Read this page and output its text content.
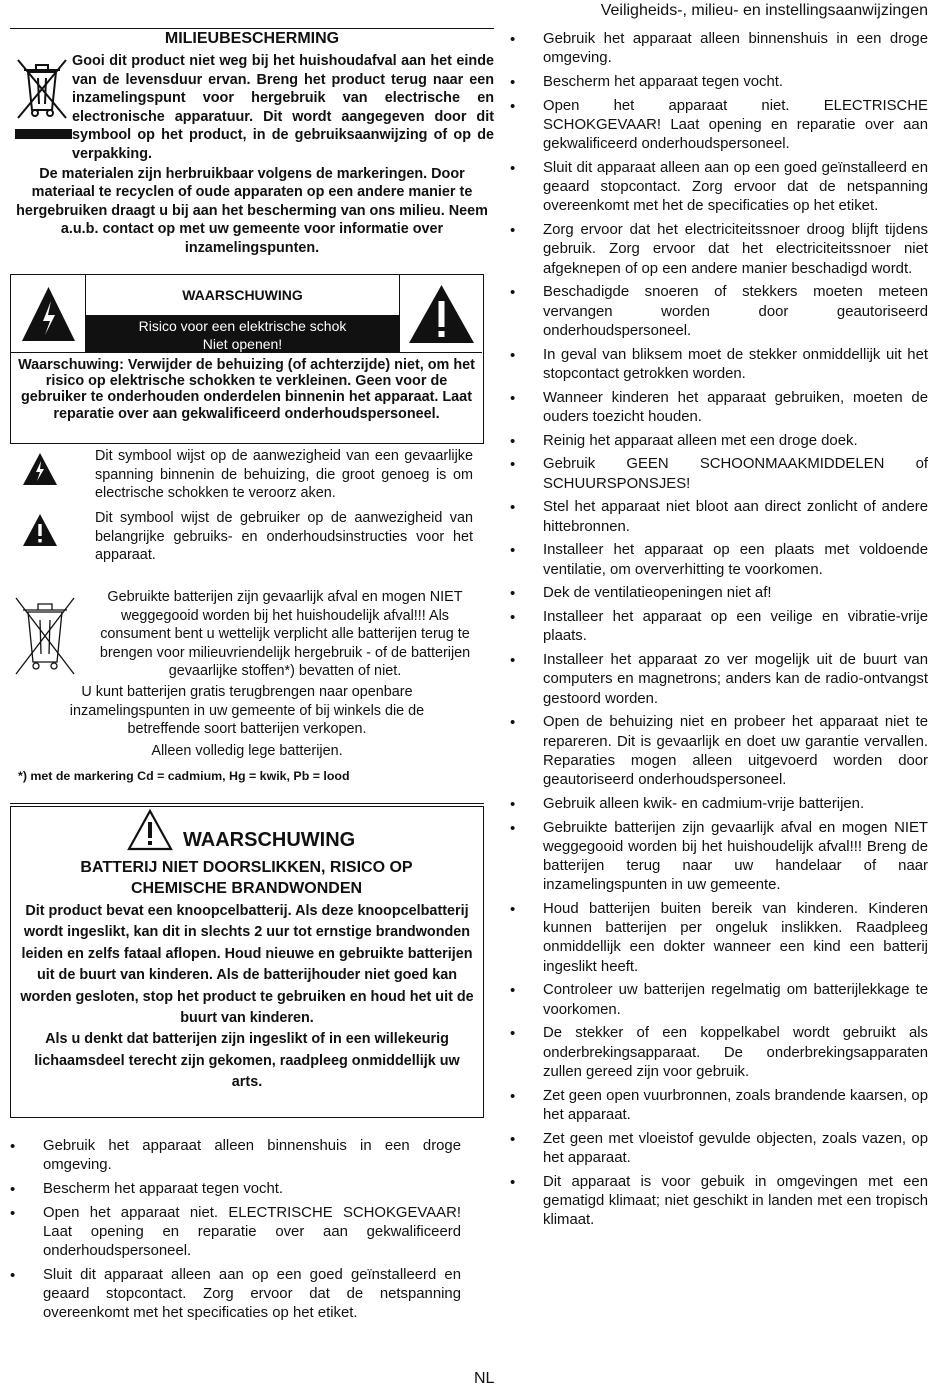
MILIEUBESCHERMING
Gooi dit product niet weg bij het huishoudafval aan het einde van de levensduur ervan. Breng het product terug naar een inzamelingspunt voor hergebruik van electrische en electronische apparatuur. Dit wordt aangegeven door dit symbool op het product, in de gebruiksaanwijzing of op de verpakking.
De materialen zijn herbruikbaar volgens de markeringen. Door materiaal te recyclen of oude apparaten op een andere manier te hergebruiken draagt u bij aan het bescherming van ons milieu. Neem a.u.b. contact op met uw gemeente voor informatie over inzamelingspunten.
WAARSCHUWING
Risico voor een elektrische schok
Niet openen!
Waarschuwing: Verwijder de behuizing (of achterzijde) niet, om het risico op elektrische schokken te verkleinen. Geen voor de gebruiker te onderhouden onderdelen binnenin het apparaat. Laat reparatie over aan gekwalificeerd onderhoudspersoneel.
Dit symbool wijst op de aanwezigheid van een gevaarlijke spanning binnenin de behuizing, die groot genoeg is om electrische schokken te veroorz aken.
Dit symbool wijst de gebruiker op de aanwezigheid van belangrijke gebruiks- en onderhoudsinstructies voor het apparaat.
Gebruikte batterijen zijn gevaarlijk afval en mogen NIET weggegooid worden bij het huishoudelijk afval!!! Als consument bent u wettelijk verplicht alle batterijen terug te brengen voor milieuvriendelijk hergebruik - of de batterijen gevaarlijke stoffen*) bevatten of niet.
U kunt batterijen gratis terugbrengen naar openbare inzamelingspunten in uw gemeente of bij winkels die de betreffende soort batterijen verkopen.
Alleen volledig lege batterijen.
*) met de markering Cd = cadmium, Hg = kwik, Pb = lood
WAARSCHUWING
BATTERIJ NIET DOORSLIKKEN, RISICO OP CHEMISCHE BRANDWONDEN
Dit product bevat een knoopcelbatterij. Als deze knoopcelbatterij wordt ingeslikt, kan dit in slechts 2 uur tot ernstige brandwonden leiden en zelfs fataal aflopen. Houd nieuwe en gebruikte batterijen uit de buurt van kinderen. Als de batterijhouder niet goed kan worden gesloten, stop het product te gebruiken en houd het uit de buurt van kinderen.
Als u denkt dat batterijen zijn ingeslikt of in een willekeurig lichaamsdeel terecht zijn gekomen, raadpleeg onmiddellijk uw arts.
• Gebruik het apparaat alleen binnenshuis in een droge omgeving.
• Bescherm het apparaat tegen vocht.
• Open het apparaat niet. ELECTRISCHE SCHOKGEVAAR! Laat opening en reparatie over aan gekwalificeerd onderhoudspersoneel.
• Sluit dit apparaat alleen aan op een goed geïnstalleerd en geaard stopcontact. Zorg ervoor dat de netspanning overeenkomt met het specificaties op het etiket.
Veiligheids-, milieu- en instellingsaanwijzingen
• Gebruik het apparaat alleen binnenshuis in een droge omgeving.
• Bescherm het apparaat tegen vocht.
• Open het apparaat niet. ELECTRISCHE SCHOKGEVAAR! Laat opening en reparatie over aan gekwalificeerd onderhoudspersoneel.
• Sluit dit apparaat alleen aan op een goed geïnstalleerd en geaard stopcontact. Zorg ervoor dat de netspanning overeenkomt met het de specificaties op het etiket.
• Zorg ervoor dat het electriciteitssnoer droog blijft tijdens gebruik. Zorg ervoor dat het electriciteitssnoer niet afgeknepen of op een andere manier beschadigd wordt.
• Beschadigde snoeren of stekkers moeten meteen vervangen worden door geautoriseerd onderhoudspersoneel.
• In geval van bliksem moet de stekker onmiddellijk uit het stopcontact getrokken worden.
• Wanneer kinderen het apparaat gebruiken, moeten de ouders toezicht houden.
• Reinig het apparaat alleen met een droge doek.
• Gebruik GEEN SCHOONMAAKMIDDELEN of SCHUURSPONSJES!
• Stel het apparaat niet bloot aan direct zonlicht of andere hittebronnen.
• Installeer het apparaat op een plaats met voldoende ventilatie, om oververhitting te voorkomen.
• Dek de ventilatieopeningen niet af!
• Installeer het apparaat op een veilige en vibratie-vrije plaats.
• Installeer het apparaat zo ver mogelijk uit de buurt van computers en magnetrons; anders kan de radio-ontvangst gestoord worden.
• Open de behuizing niet en probeer het apparaat niet te repareren. Dit is gevaarlijk en doet uw garantie vervallen. Reparaties mogen alleen uitgevoerd worden door geautoriseerd onderhoudspersoneel.
• Gebruik alleen kwik- en cadmium-vrije batterijen.
• Gebruikte batterijen zijn gevaarlijk afval en mogen NIET weggegooid worden bij het huishoudelijk afval!!! Breng de batterijen terug naar uw handelaar of naar inzamelingspunten in uw gemeente.
• Houd batterijen buiten bereik van kinderen. Kinderen kunnen batterijen per ongeluk inslikken. Raadpleeg onmiddellijk een dokter wanneer een kind een batterij ingeslikt heeft.
• Controleer uw batterijen regelmatig om batterijlekkage te voorkomen.
• De stekker of een koppelkabel wordt gebruikt als onderbrekingsapparaat. De onderbrekingsapparaten zullen gereed zijn voor gebruik.
• Zet geen open vuurbronnen, zoals brandende kaarsen, op het apparaat.
• Zet geen met vloeistof gevulde objecten, zoals vazen, op het apparaat.
• Dit apparaat is voor gebuik in omgevingen met een gematigd klimaat; niet geschikt in landen met een tropisch klimaat.
NL
